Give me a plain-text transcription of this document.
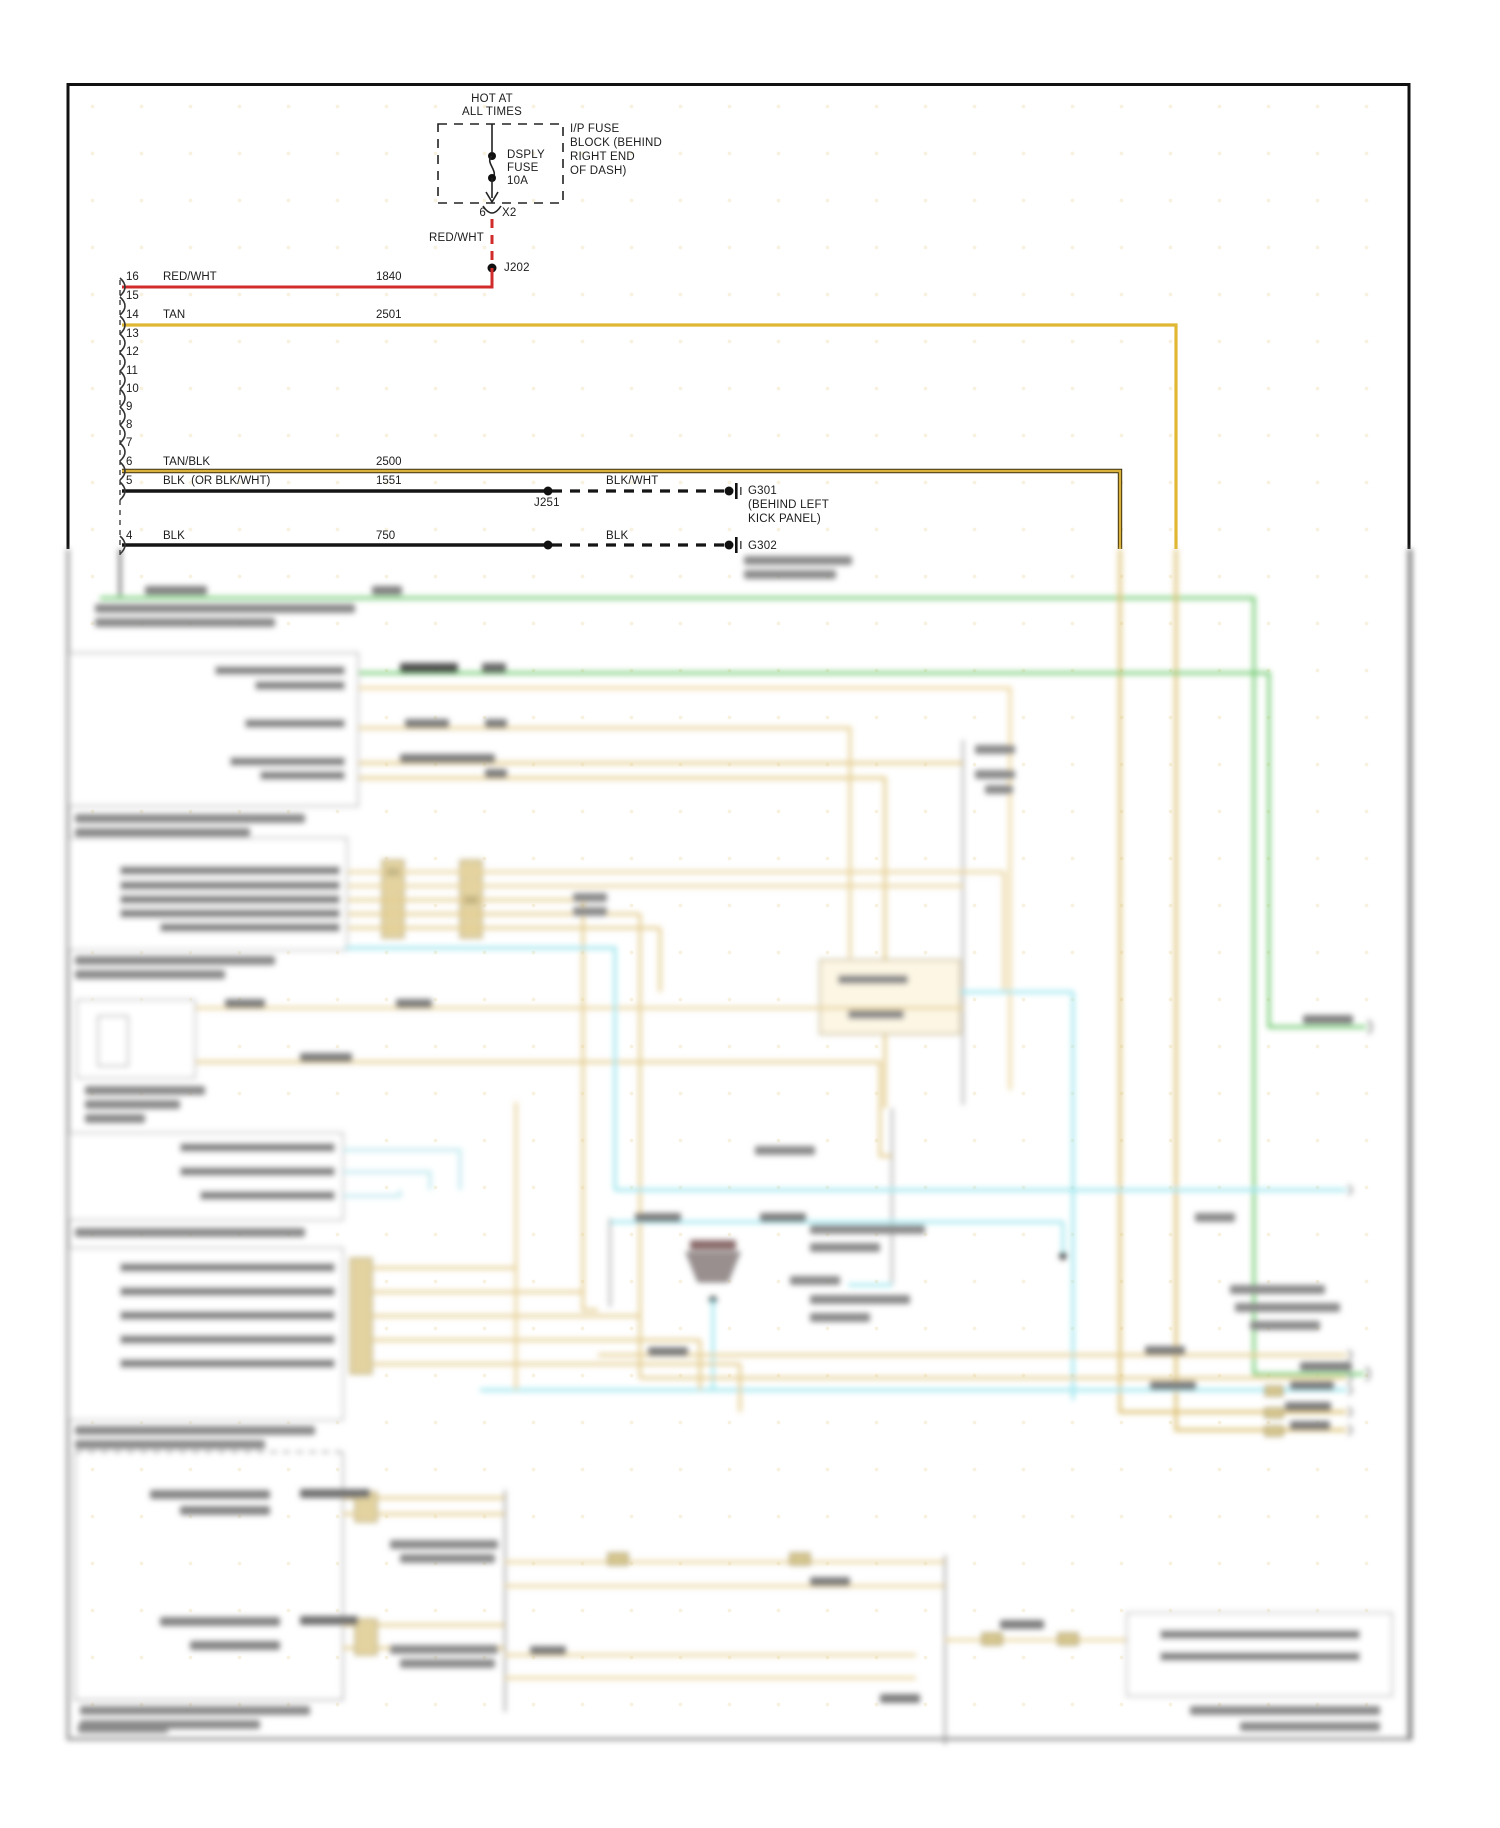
HOT AT
ALL TIMES
DSPLY
FUSE
10A
I/P FUSE
BLOCK (BEHIND
RIGHT END
OF DASH)
6 X2
RED/WHT
J202
16 RED/WHT	1840
15
14 TAN	2501
13
12
11
10
9
8
7
6	TAN/BLK	2500
5	BLK  (OR BLK/WHT)	1551
4	BLK	750
BLK/WHT
J251
G301
(BEHIND LEFT
KICK PANEL)
BLK
G302
